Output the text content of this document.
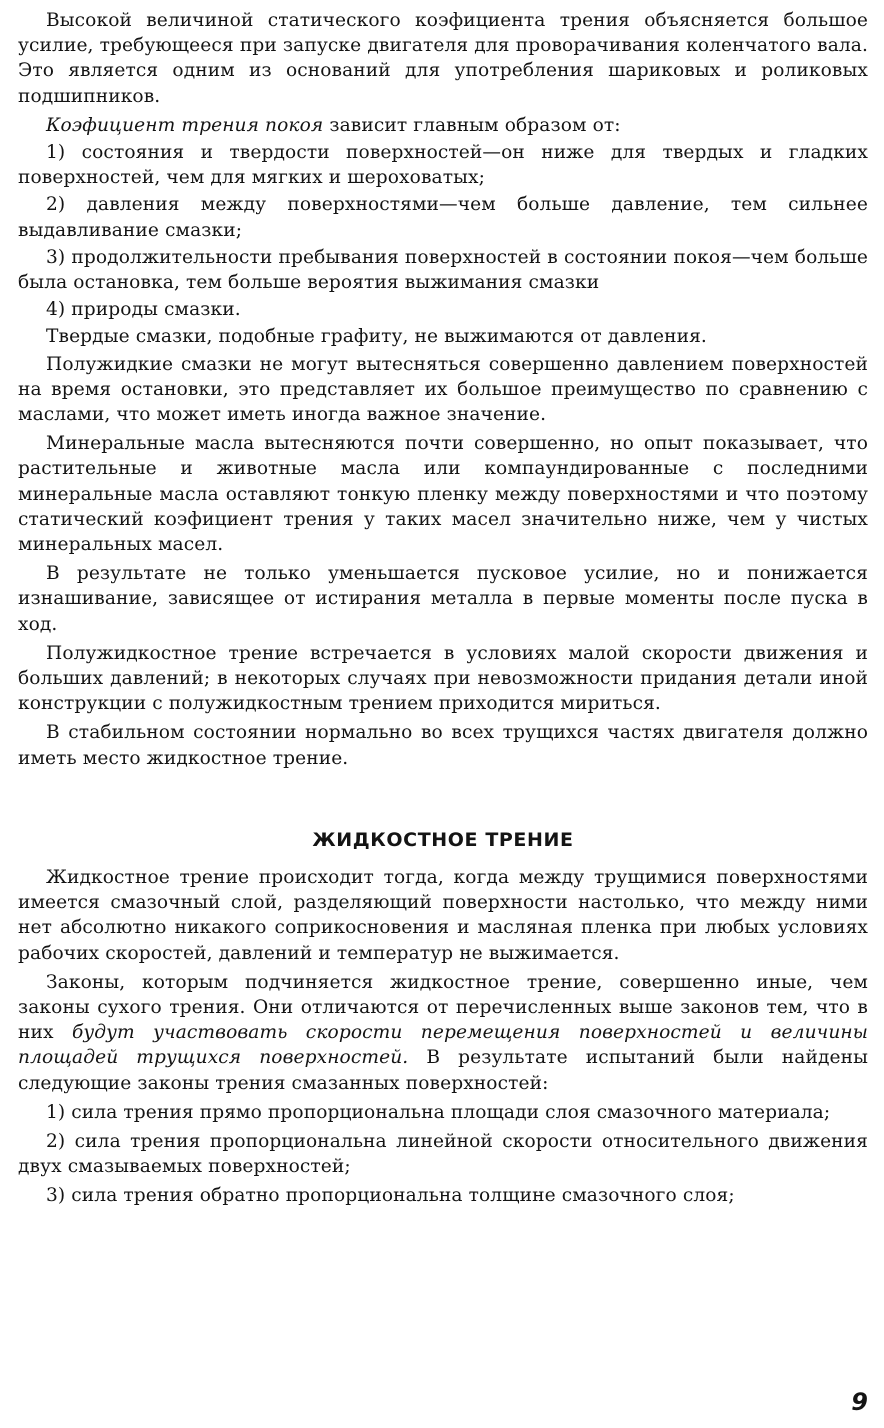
Высокой величиной статического коэфициента трения объясняется большое усилие, требующееся при запуске двигателя для проворачивания коленчатого вала. Это является одним из оснований для употребления шариковых и роликовых подшипников.

Коэфициент трения покоя зависит главным образом от:

1) состояния и твердости поверхностей—он ниже для твердых и гладких поверхностей, чем для мягких и шероховатых;

2) давления между поверхностями—чем больше давление, тем сильнее выдавливание смазки;

3) продолжительности пребывания поверхностей в состоянии покоя—чем больше была остановка, тем больше вероятия выжимания смазки

4) природы смазки.

Твердые смазки, подобные графиту, не выжимаются от давления.

Полужидкие смазки не могут вытесняться совершенно давлением поверхностей на время остановки, это представляет их большое преимущество по сравнению с маслами, что может иметь иногда важное значение.

Минеральные масла вытесняются почти совершенно, но опыт показывает, что растительные и животные масла или компаундированные с последними минеральные масла оставляют тонкую пленку между поверхностями и что поэтому статический коэфициент трения у таких масел значительно ниже, чем у чистых минеральных масел.

В результате не только уменьшается пусковое усилие, но и понижается изнашивание, зависящее от истирания металла в первые моменты после пуска в ход.

Полужидкостное трение встречается в условиях малой скорости движения и больших давлений; в некоторых случаях при невозможности придания детали иной конструкции с полужидкостным трением приходится мириться.

В стабильном состоянии нормально во всех трущихся частях двигателя должно иметь место жидкостное трение.

ЖИДКОСТНОЕ ТРЕНИЕ

Жидкостное трение происходит тогда, когда между трущимися поверхностями имеется смазочный слой, разделяющий поверхности настолько, что между ними нет абсолютно никакого соприкосновения и масляная пленка при любых условиях рабочих скоростей, давлений и температур не выжимается.

Законы, которым подчиняется жидкостное трение, совершенно иные, чем законы сухого трения. Они отличаются от перечисленных выше законов тем, что в них будут участвовать скорости перемещения поверхностей и величины площадей трущихся поверхностей. В результате испытаний были найдены следующие законы трения смазанных поверхностей:

1) сила трения прямо пропорциональна площади слоя смазочного материала;

2) сила трения пропорциональна линейной скорости относительного движения двух смазываемых поверхностей;

3) сила трения обратно пропорциональна толщине смазочного слоя;

9
